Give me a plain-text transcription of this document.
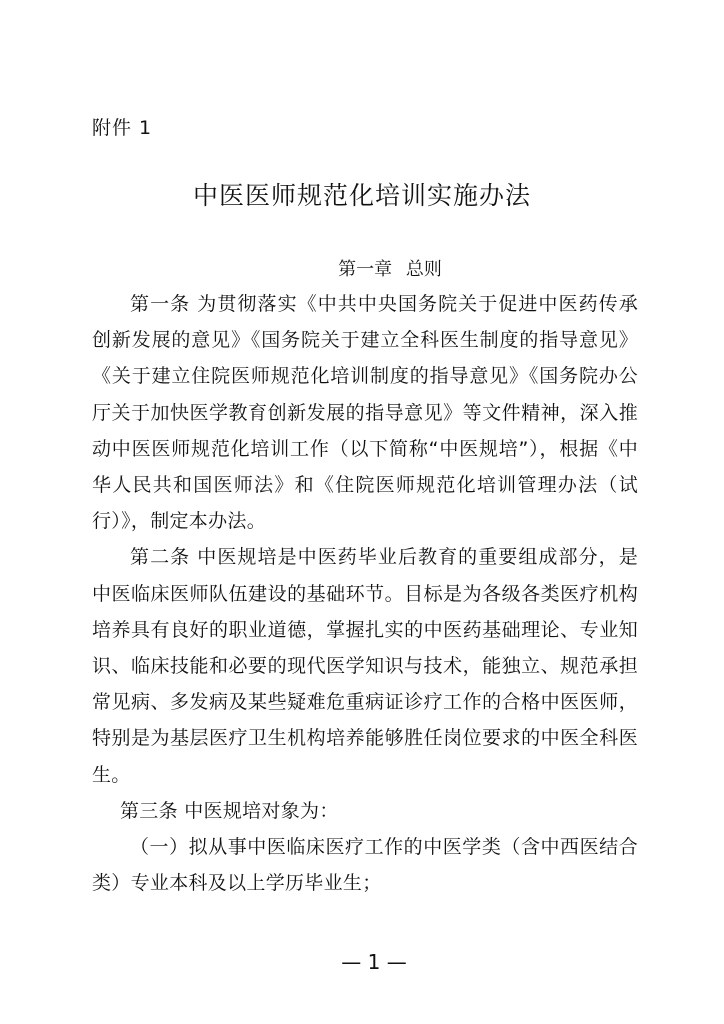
附件 1

中医医师规范化培训实施办法

第一章 总则

第一条 为贯彻落实《中共中央国务院关于促进中医药传承创新发展的意见》《国务院关于建立全科医生制度的指导意见》《关于建立住院医师规范化培训制度的指导意见》《国务院办公厅关于加快医学教育创新发展的指导意见》等文件精神，深入推动中医医师规范化培训工作（以下简称“中医规培”），根据《中华人民共和国医师法》和《住院医师规范化培训管理办法（试行）》，制定本办法。

第二条 中医规培是中医药毕业后教育的重要组成部分，是中医临床医师队伍建设的基础环节。目标是为各级各类医疗机构培养具有良好的职业道德，掌握扎实的中医药基础理论、专业知识、临床技能和必要的现代医学知识与技术，能独立、规范承担常见病、多发病及某些疑难危重病证诊疗工作的合格中医医师，特别是为基层医疗卫生机构培养能够胜任岗位要求的中医全科医生。

第三条 中医规培对象为：

（一）拟从事中医临床医疗工作的中医学类（含中西医结合类）专业本科及以上学历毕业生；

— 1 —
